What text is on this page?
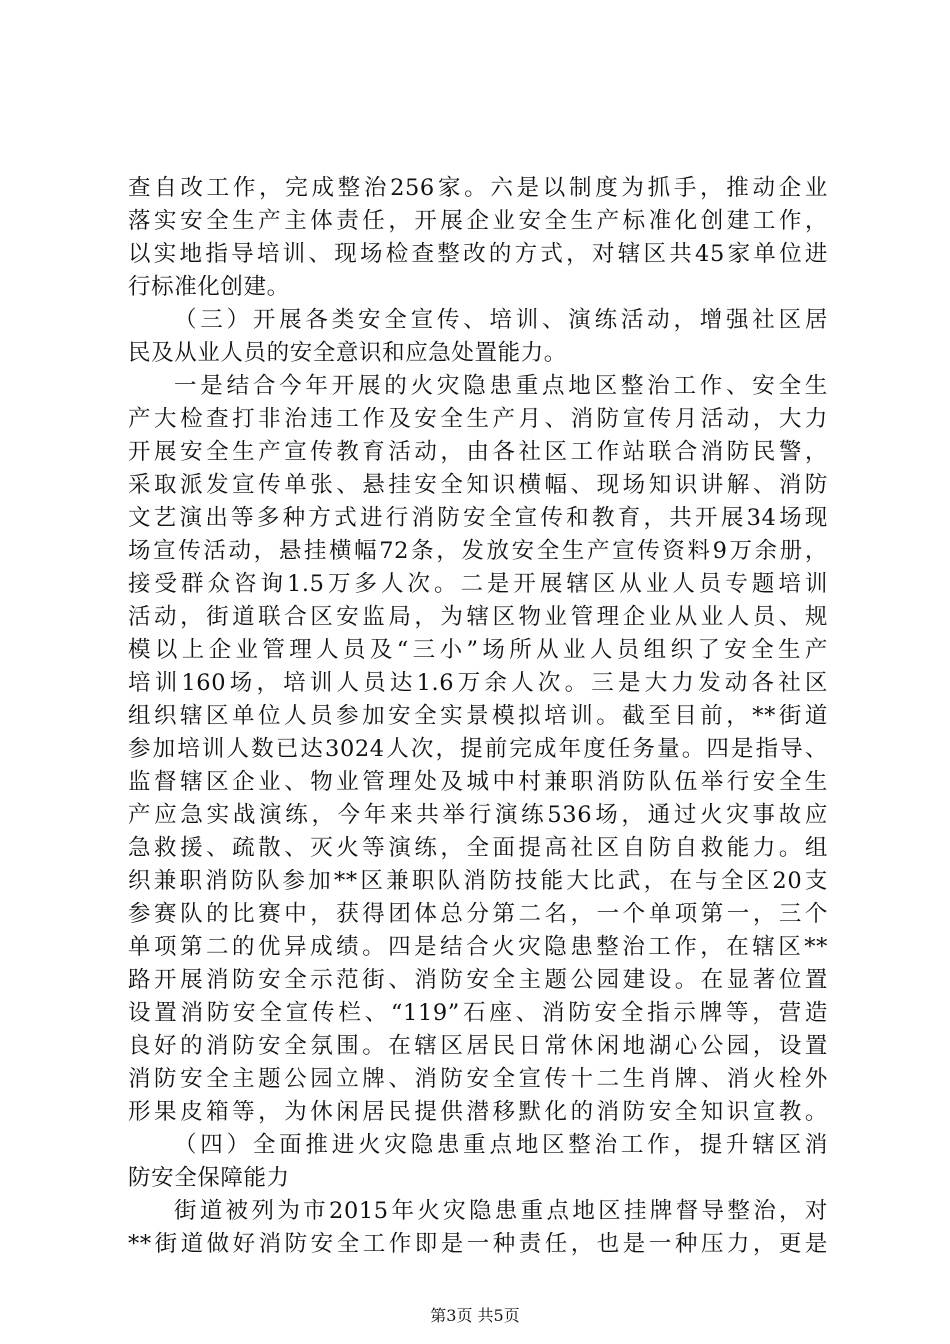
查自改工作，完成整治256家。六是以制度为抓手，推动企业
落实安全生产主体责任，开展企业安全生产标准化创建工作，
以实地指导培训、现场检查整改的方式，对辖区共45家单位进
行标准化创建。
（三）开展各类安全宣传、培训、演练活动，增强社区居
民及从业人员的安全意识和应急处置能力。
一是结合今年开展的火灾隐患重点地区整治工作、安全生
产大检查打非治违工作及安全生产月、消防宣传月活动，大力
开展安全生产宣传教育活动，由各社区工作站联合消防民警，
采取派发宣传单张、悬挂安全知识横幅、现场知识讲解、消防
文艺演出等多种方式进行消防安全宣传和教育，共开展34场现
场宣传活动，悬挂横幅72条，发放安全生产宣传资料9万余册，
接受群众咨询1.5万多人次。二是开展辖区从业人员专题培训
活动，街道联合区安监局，为辖区物业管理企业从业人员、规
模以上企业管理人员及“三小”场所从业人员组织了安全生产
培训160场，培训人员达1.6万余人次。三是大力发动各社区
组织辖区单位人员参加安全实景模拟培训。截至目前，**街道
参加培训人数已达3024人次，提前完成年度任务量。四是指导、
监督辖区企业、物业管理处及城中村兼职消防队伍举行安全生
产应急实战演练，今年来共举行演练536场，通过火灾事故应
急救援、疏散、灭火等演练，全面提高社区自防自救能力。组
织兼职消防队参加**区兼职队消防技能大比武，在与全区20支
参赛队的比赛中，获得团体总分第二名，一个单项第一，三个
单项第二的优异成绩。四是结合火灾隐患整治工作，在辖区**
路开展消防安全示范街、消防安全主题公园建设。在显著位置
设置消防安全宣传栏、“119”石座、消防安全指示牌等，营造
良好的消防安全氛围。在辖区居民日常休闲地湖心公园，设置
消防安全主题公园立牌、消防安全宣传十二生肖牌、消火栓外
形果皮箱等，为休闲居民提供潜移默化的消防安全知识宣教。
（四）全面推进火灾隐患重点地区整治工作，提升辖区消
防安全保障能力
街道被列为市2015年火灾隐患重点地区挂牌督导整治，对
**街道做好消防安全工作即是一种责任，也是一种压力，更是
第3页 共5页
